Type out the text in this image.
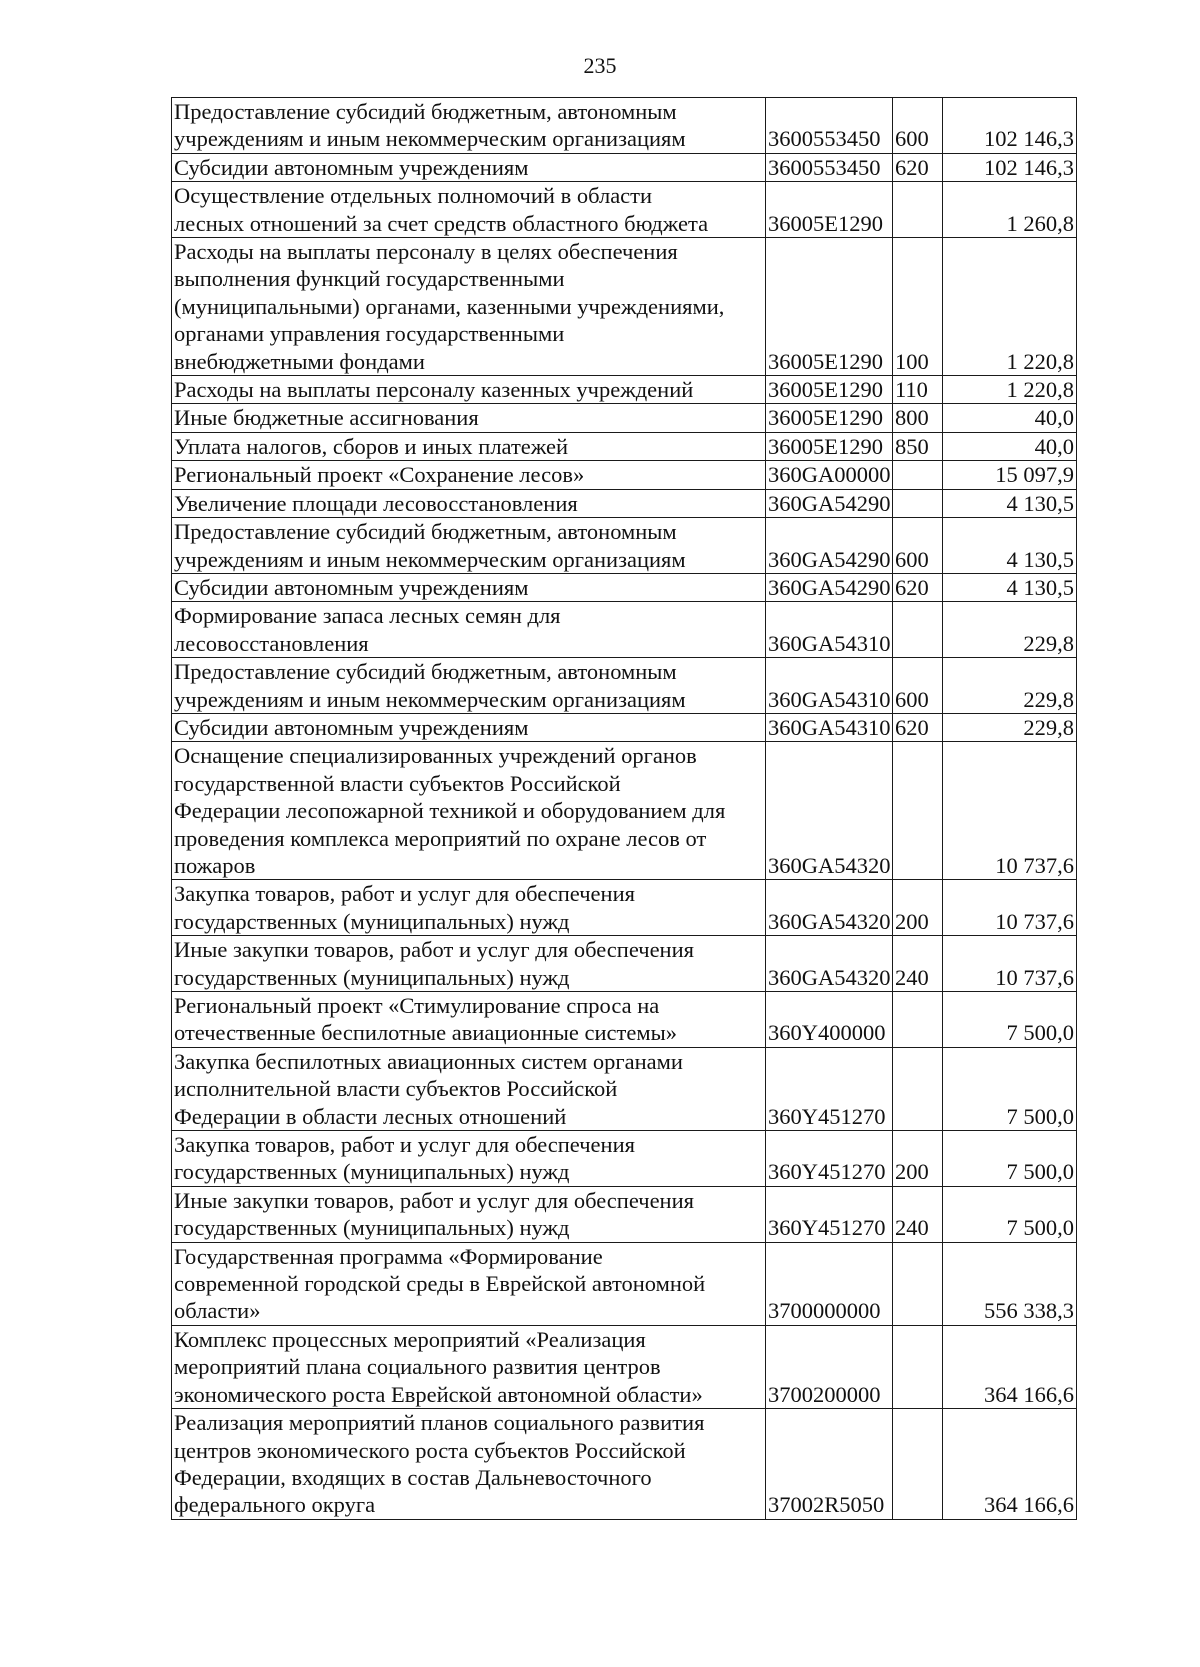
235
Предоставление субсидий бюджетным, автономным
учреждениям и иным некоммерческим организациям	3600553450	600	102 146,3

Субсидии автономным учреждениям	3600553450	620	102 146,3

Осуществление отдельных полномочий в области
лесных отношений за счет средств областного бюджета	36005E1290		1 260,8

Расходы на выплаты персоналу в целях обеспечения
выполнения функций государственными
(муниципальными) органами, казенными учреждениями,
органами управления государственными
внебюджетными фондами	36005E1290	100	1 220,8

Расходы на выплаты персоналу казенных учреждений	36005E1290	110	1 220,8

Иные бюджетные ассигнования	36005E1290	800	40,0

Уплата налогов, сборов и иных платежей	36005E1290	850	40,0

Региональный проект «Сохранение лесов»	360GA00000		15 097,9

Увеличение площади лесовосстановления	360GA54290		4 130,5

Предоставление субсидий бюджетным, автономным
учреждениям и иным некоммерческим организациям	360GA54290	600	4 130,5

Субсидии автономным учреждениям	360GA54290	620	4 130,5

Формирование запаса лесных семян для
лесовосстановления	360GA54310		229,8

Предоставление субсидий бюджетным, автономным
учреждениям и иным некоммерческим организациям	360GA54310	600	229,8

Субсидии автономным учреждениям	360GA54310	620	229,8

Оснащение специализированных учреждений органов
государственной власти субъектов Российской
Федерации лесопожарной техникой и оборудованием для
проведения комплекса мероприятий по охране лесов от
пожаров	360GA54320		10 737,6

Закупка товаров, работ и услуг для обеспечения
государственных (муниципальных) нужд	360GA54320	200	10 737,6

Иные закупки товаров, работ и услуг для обеспечения
государственных (муниципальных) нужд	360GA54320	240	10 737,6

Региональный проект «Стимулирование спроса на
отечественные беспилотные авиационные системы»	360Y400000		7 500,0

Закупка беспилотных авиационных систем органами
исполнительной власти субъектов Российской
Федерации в области лесных отношений	360Y451270		7 500,0

Закупка товаров, работ и услуг для обеспечения
государственных (муниципальных) нужд	360Y451270	200	7 500,0

Иные закупки товаров, работ и услуг для обеспечения
государственных (муниципальных) нужд	360Y451270	240	7 500,0

Государственная программа «Формирование
современной городской среды в Еврейской автономной
области»	3700000000		556 338,3

Комплекс процессных мероприятий «Реализация
мероприятий плана социального развития центров
экономического роста Еврейской автономной области»	3700200000		364 166,6

Реализация мероприятий планов социального развития
центров экономического роста субъектов Российской
Федерации, входящих в состав Дальневосточного
федерального округа	37002R5050		364 166,6
